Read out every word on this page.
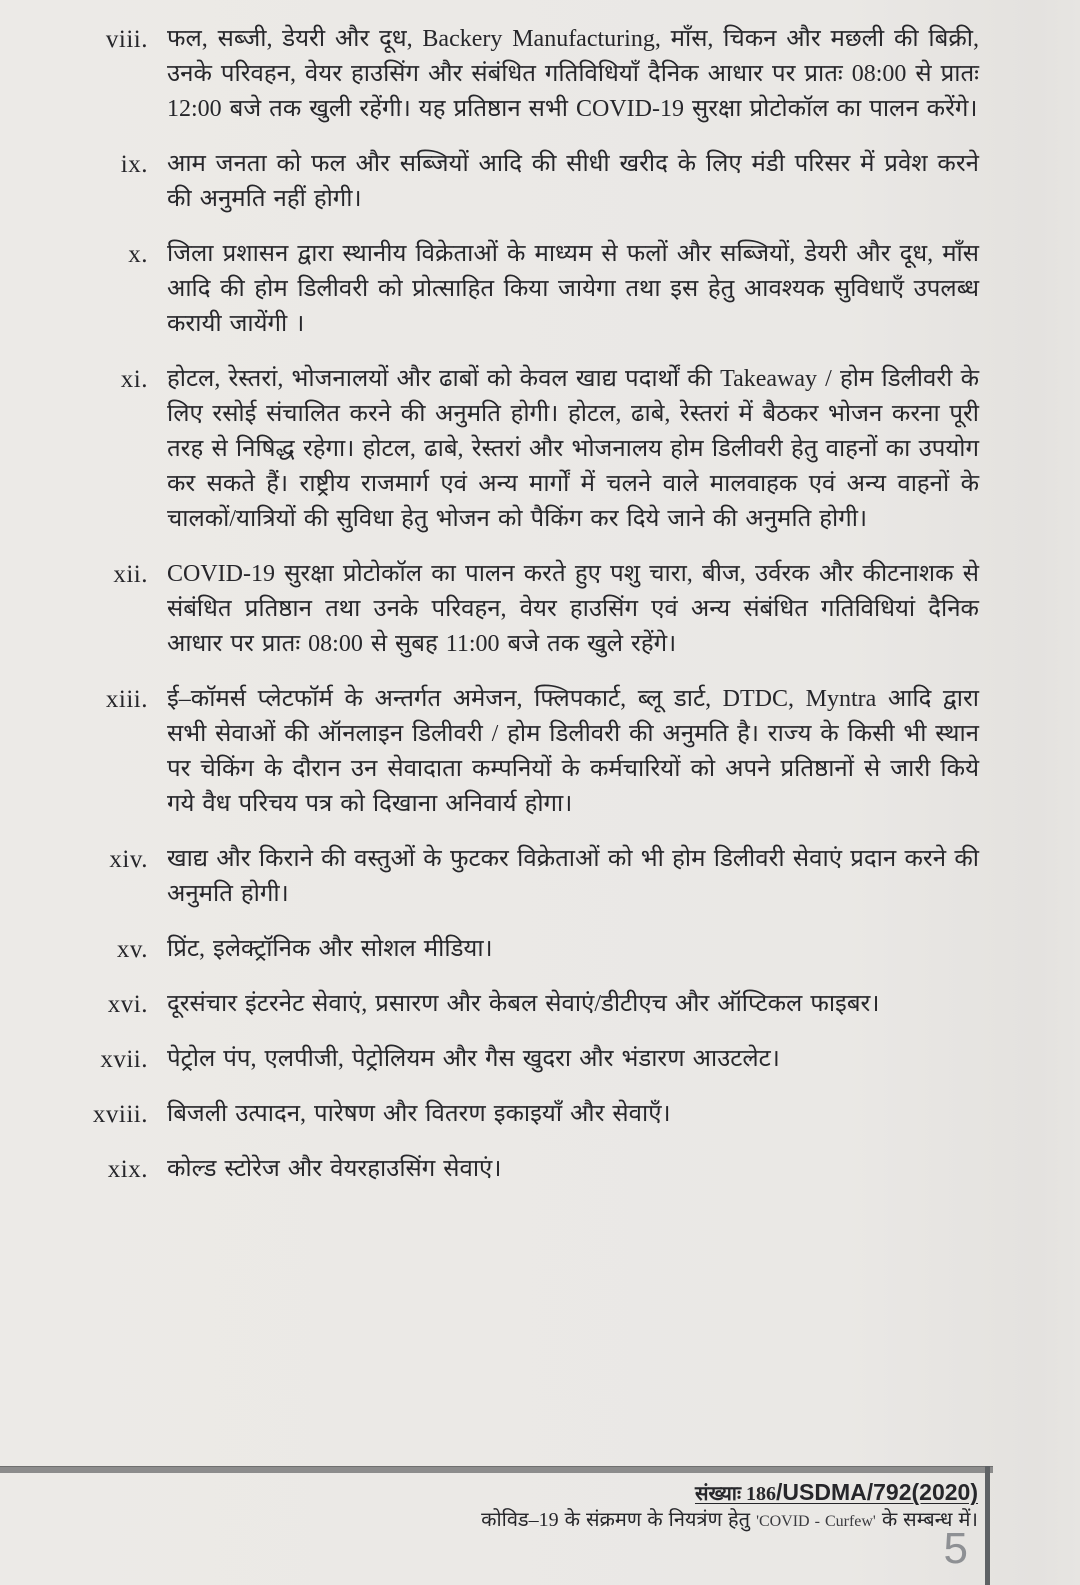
viii. फल, सब्जी, डेयरी और दूध, Backery Manufacturing, माँस, चिकन और मछली की बिक्री, उनके परिवहन, वेयर हाउसिंग और संबंधित गतिविधियाँ दैनिक आधार पर प्रातः 08:00 से प्रातः 12:00 बजे तक खुली रहेंगी। यह प्रतिष्ठान सभी COVID-19 सुरक्षा प्रोटोकॉल का पालन करेंगे।
ix. आम जनता को फल और सब्जियों आदि की सीधी खरीद के लिए मंडी परिसर में प्रवेश करने की अनुमति नहीं होगी।
x. जिला प्रशासन द्वारा स्थानीय विक्रेताओं के माध्यम से फलों और सब्जियों, डेयरी और दूध, माँस आदि की होम डिलीवरी को प्रोत्साहित किया जायेगा तथा इस हेतु आवश्यक सुविधाएँ उपलब्ध करायी जायेंगी ।
xi. होटल, रेस्तरां, भोजनालयों और ढाबों को केवल खाद्य पदार्थों की Takeaway / होम डिलीवरी के लिए रसोई संचालित करने की अनुमति होगी। होटल, ढाबे, रेस्तरां में बैठकर भोजन करना पूरी तरह से निषिद्ध रहेगा। होटल, ढाबे, रेस्तरां और भोजनालय होम डिलीवरी हेतु वाहनों का उपयोग कर सकते हैं। राष्ट्रीय राजमार्ग एवं अन्य मार्गों में चलने वाले मालवाहक एवं अन्य वाहनों के चालकों/यात्रियों की सुविधा हेतु भोजन को पैकिंग कर दिये जाने की अनुमति होगी।
xii. COVID-19 सुरक्षा प्रोटोकॉल का पालन करते हुए पशु चारा, बीज, उर्वरक और कीटनाशक से संबंधित प्रतिष्ठान तथा उनके परिवहन, वेयर हाउसिंग एवं अन्य संबंधित गतिविधियां दैनिक आधार पर प्रातः 08:00 से सुबह 11:00 बजे तक खुले रहेंगे।
xiii. ई–कॉमर्स प्लेटफॉर्म के अन्तर्गत अमेजन, फ्लिपकार्ट, ब्लू डार्ट, DTDC, Myntra आदि द्वारा सभी सेवाओं की ऑनलाइन डिलीवरी / होम डिलीवरी की अनुमति है। राज्य के किसी भी स्थान पर चेकिंग के दौरान उन सेवादाता कम्पनियों के कर्मचारियों को अपने प्रतिष्ठानों से जारी किये गये वैध परिचय पत्र को दिखाना अनिवार्य होगा।
xiv. खाद्य और किराने की वस्तुओं के फुटकर विक्रेताओं को भी होम डिलीवरी सेवाएं प्रदान करने की अनुमति होगी।
xv. प्रिंट, इलेक्ट्रॉनिक और सोशल मीडिया।
xvi. दूरसंचार इंटरनेट सेवाएं, प्रसारण और केबल सेवाएं/डीटीएच और ऑप्टिकल फाइबर।
xvii. पेट्रोल पंप, एलपीजी, पेट्रोलियम और गैस खुदरा और भंडारण आउटलेट।
xviii. बिजली उत्पादन, पारेषण और वितरण इकाइयाँ और सेवाएँ।
xix. कोल्ड स्टोरेज और वेयरहाउसिंग सेवाएं।
संख्याः 186/USDMA/792(2020)
कोविड–19 के संक्रमण के नियत्रंण हेतु 'COVID - Curfew' के सम्बन्ध में।
5
